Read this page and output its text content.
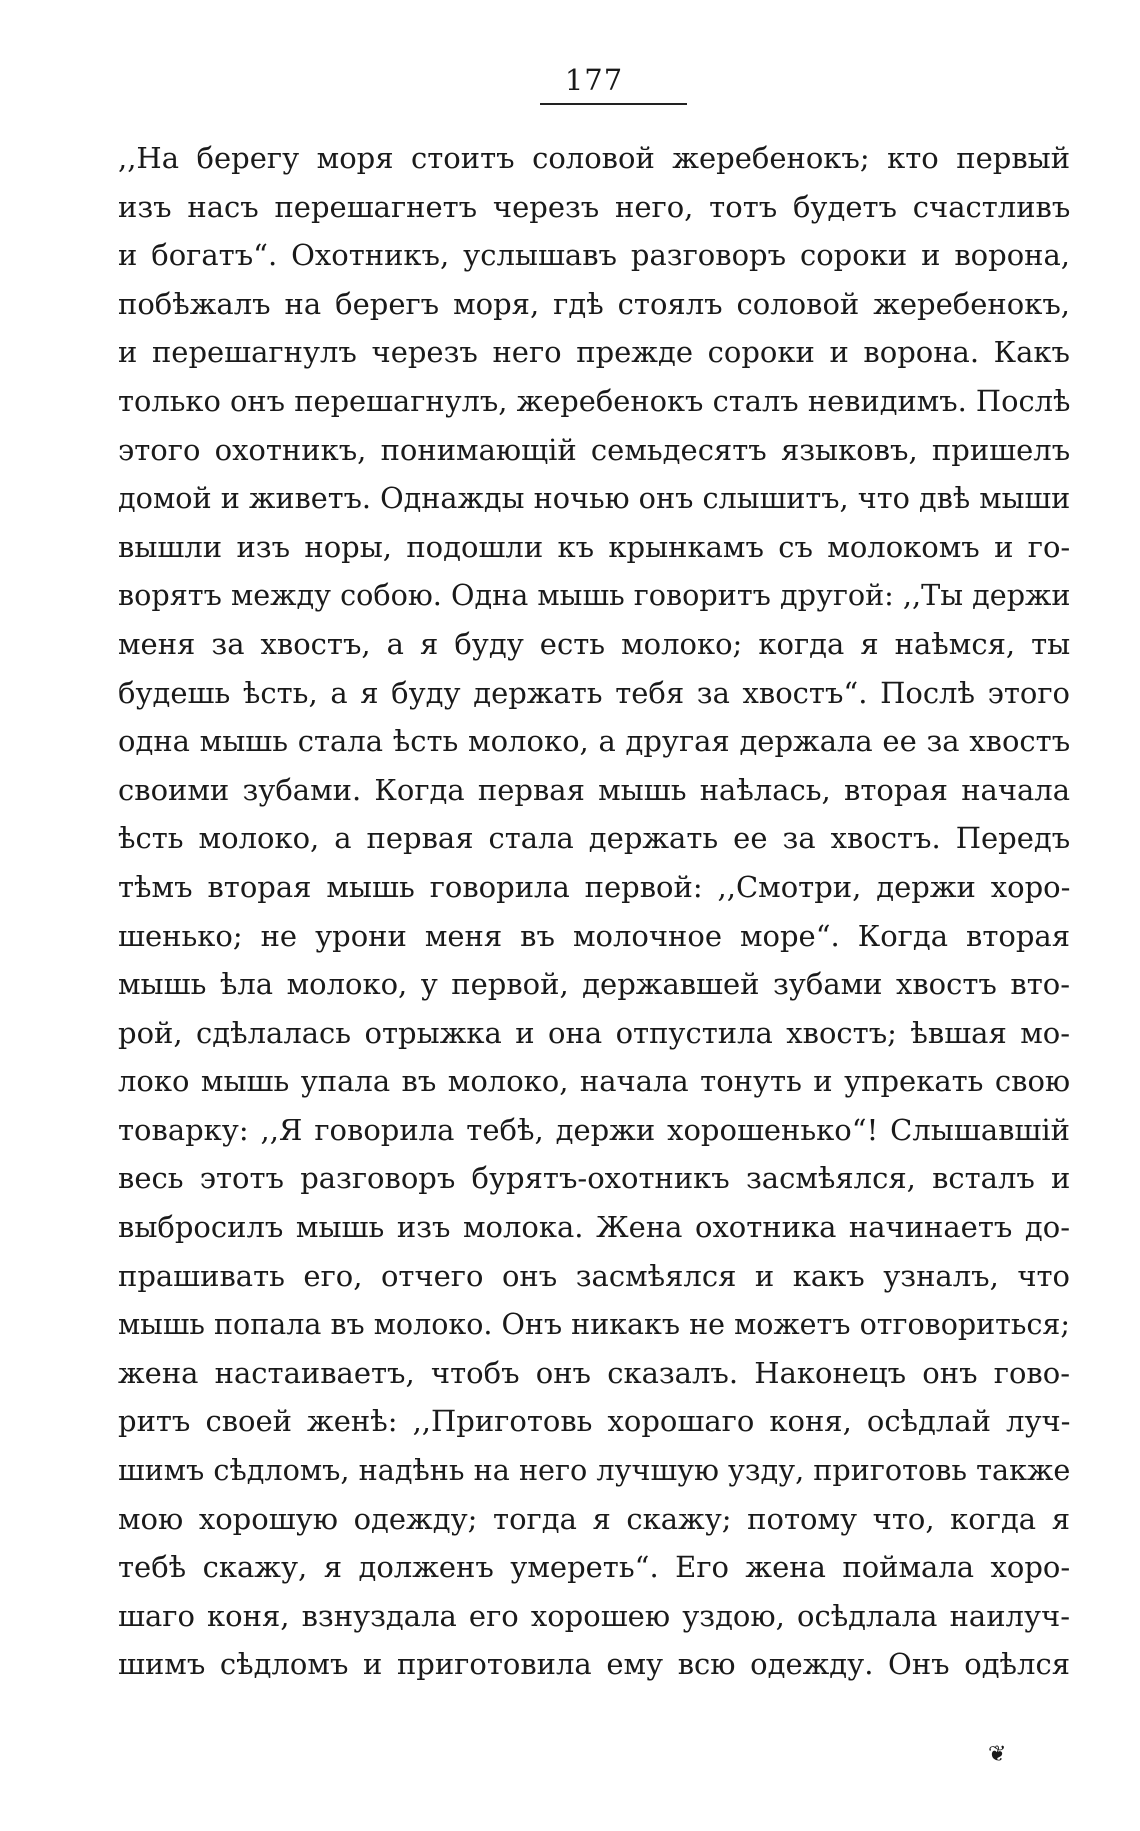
177
,,На берегу моря стоитъ соловой жеребенокъ; кто первый
изъ насъ перешагнетъ черезъ него, тотъ будетъ счастливъ
и богатъ“. Охотникъ, услышавъ разговоръ сороки и ворона,
побѣжалъ на берегъ моря, гдѣ стоялъ соловой жеребенокъ,
и перешагнулъ черезъ него прежде сороки и ворона. Какъ
только онъ перешагнулъ, жеребенокъ сталъ невидимъ. Послѣ
этого охотникъ, понимающій семьдесятъ языковъ, пришелъ
домой и живетъ. Однажды ночью онъ слышитъ, что двѣ мыши
вышли изъ норы, подошли къ крынкамъ съ молокомъ и го-
ворятъ между собою. Одна мышь говоритъ другой: ,,Ты держи
меня за хвостъ, а я буду есть молоко; когда я наѣмся, ты
будешь ѣсть, а я буду держать тебя за хвостъ“. Послѣ этого
одна мышь стала ѣсть молоко, а другая держала ее за хвостъ
своими зубами. Когда первая мышь наѣлась, вторая начала
ѣсть молоко, а первая стала держать ее за хвостъ. Передъ
тѣмъ вторая мышь говорила первой: ,,Смотри, держи хоро-
шенько; не урони меня въ молочное море“. Когда вторая
мышь ѣла молоко, у первой, державшей зубами хвостъ вто-
рой, сдѣлалась отрыжка и она отпустила хвостъ; ѣвшая мо-
локо мышь упала въ молоко, начала тонуть и упрекать свою
товарку: ,,Я говорила тебѣ, держи хорошенько“! Слышавшій
весь этотъ разговоръ бурятъ-охотникъ засмѣялся, всталъ и
выбросилъ мышь изъ молока. Жена охотника начинаетъ до-
прашивать его, отчего онъ засмѣялся и какъ узналъ, что
мышь попала въ молоко. Онъ никакъ не можетъ отговориться;
жена настаиваетъ, чтобъ онъ сказалъ. Наконецъ онъ гово-
ритъ своей женѣ: ,,Приготовь хорошаго коня, осѣдлай луч-
шимъ сѣдломъ, надѣнь на него лучшую узду, приготовь также
мою хорошую одежду; тогда я скажу; потому что, когда я
тебѣ скажу, я долженъ умереть“. Его жена поймала хоро-
шаго коня, взнуздала его хорошею уздою, осѣдлала наилуч-
шимъ сѣдломъ и приготовила ему всю одежду. Онъ одѣлся
❦
